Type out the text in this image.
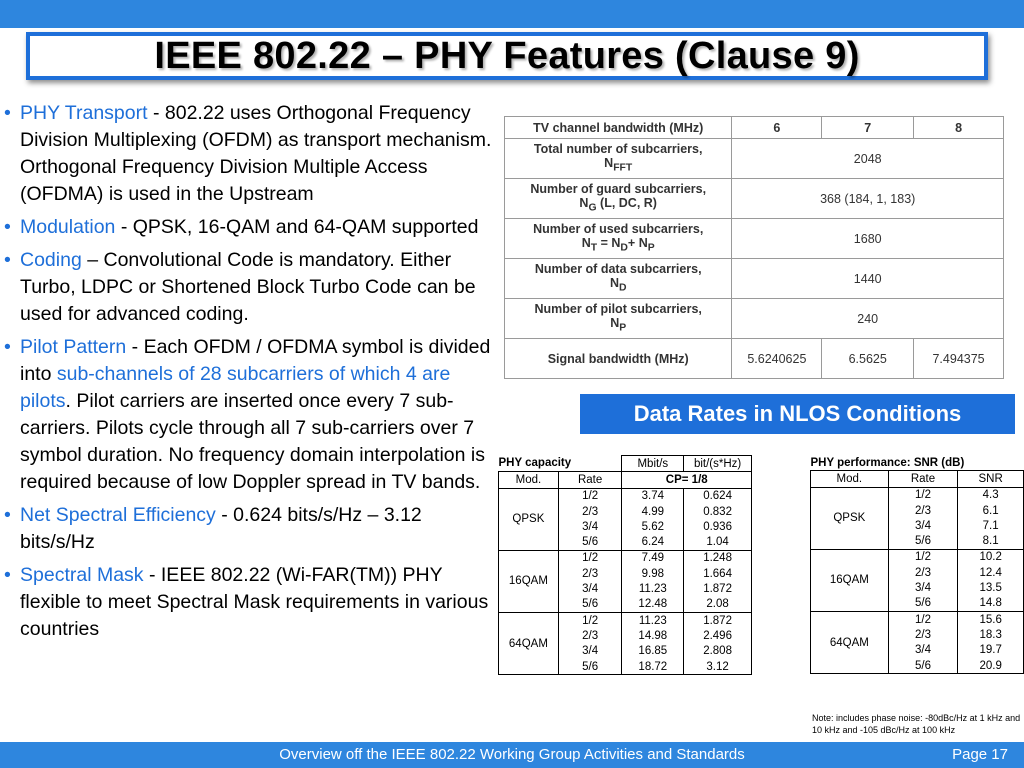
IEEE 802.22 – PHY Features (Clause 9)
• PHY Transport - 802.22 uses Orthogonal Frequency Division Multiplexing (OFDM) as transport mechanism. Orthogonal Frequency Division Multiple Access (OFDMA) is used in the Upstream
• Modulation - QPSK, 16-QAM and 64-QAM supported
• Coding – Convolutional Code is mandatory. Either Turbo, LDPC or Shortened Block Turbo Code can be used for advanced coding.
• Pilot Pattern - Each OFDM / OFDMA symbol is divided into sub-channels of 28 subcarriers of which 4 are pilots. Pilot carriers are inserted once every 7 sub-carriers. Pilots cycle through all 7 sub-carriers over 7 symbol duration. No frequency domain interpolation is required because of low Doppler spread in TV bands.
• Net Spectral Efficiency - 0.624 bits/s/Hz – 3.12 bits/s/Hz
• Spectral Mask - IEEE 802.22 (Wi-FAR(TM)) PHY flexible to meet Spectral Mask requirements in various countries
TV channel bandwidth (MHz)	6	7	8
Total number of subcarriers,
$N_{FFT}$	2048		
Number of guard subcarriers,
$N_G$ (L, DC, R)	368 (184, 1, 183)		
Number of used subcarriers,
$N_T = N_D+ N_P$	1680		
Number of data subcarriers,
$N_D$	1440		
Number of pilot subcarriers,
$N_P$	240		
Signal bandwidth (MHz)	5.6240625	6.5625	7.494375
Data Rates in NLOS Conditions
PHY capacity		Mbit/s	bit/(s*Hz)
Mod.	Rate	CP= 1/8	
QPSK	1/2	3.74	0.624
	2/3	4.99	0.832
	3/4	5.62	0.936
	5/6	6.24	1.04
16QAM	1/2	7.49	1.248
	2/3	9.98	1.664
	3/4	11.23	1.872
	5/6	12.48	2.08
64QAM	1/2	11.23	1.872
	2/3	14.98	2.496
	3/4	16.85	2.808
	5/6	18.72	3.12
PHY performance: SNR (dB)		
Mod.	Rate	SNR
QPSK	1/2	4.3
	2/3	6.1
	3/4	7.1
	5/6	8.1
16QAM	1/2	10.2
	2/3	12.4
	3/4	13.5
	5/6	14.8
64QAM	1/2	15.6
	2/3	18.3
	3/4	19.7
	5/6	20.9
Note: includes phase noise: -80dBc/Hz at 1 kHz and 10 kHz and -105 dBc/Hz at 100 kHz
Overview off the IEEE 802.22 Working Group Activities and Standards	Page 17
